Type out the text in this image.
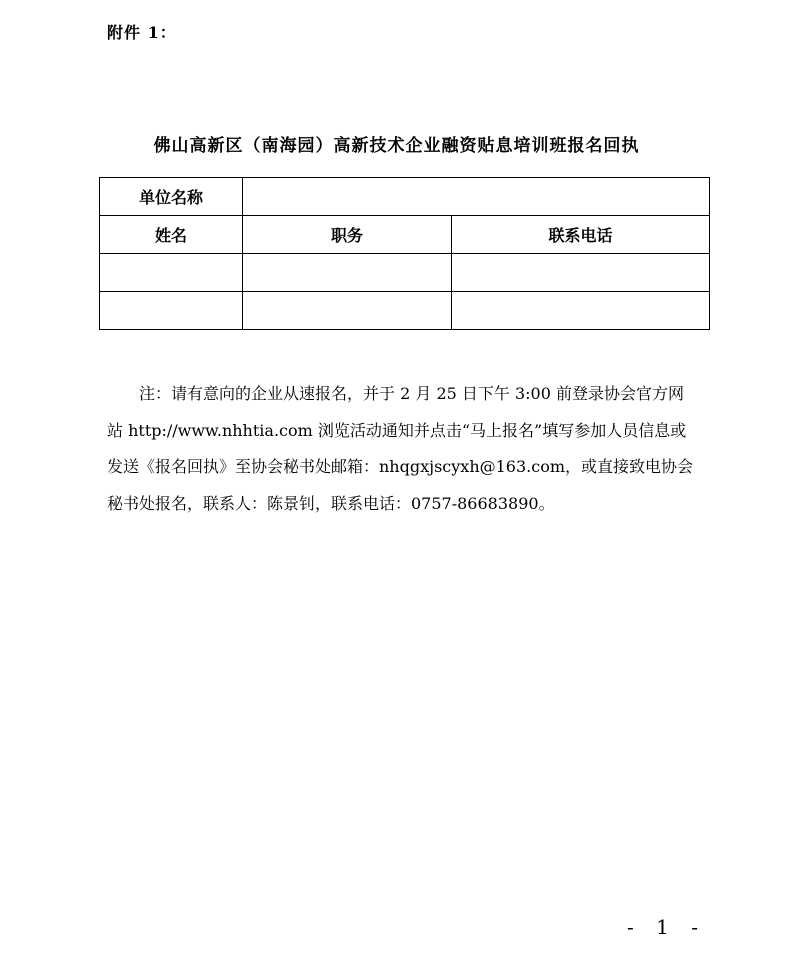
附件 1：
佛山高新区（南海园）高新技术企业融资贴息培训班报名回执
单位名称		
姓名	职务	联系电话

注：请有意向的企业从速报名，并于 2 月 25 日下午 3:00 前登录协会官方网站 http://www.nhhtia.com 浏览活动通知并点击“马上报名”填写参加人员信息或发送《报名回执》至协会秘书处邮箱：nhqgxjscyxh@163.com，或直接致电协会秘书处报名，联系人：陈景钊，联系电话：0757-86683890。

- 1 -
